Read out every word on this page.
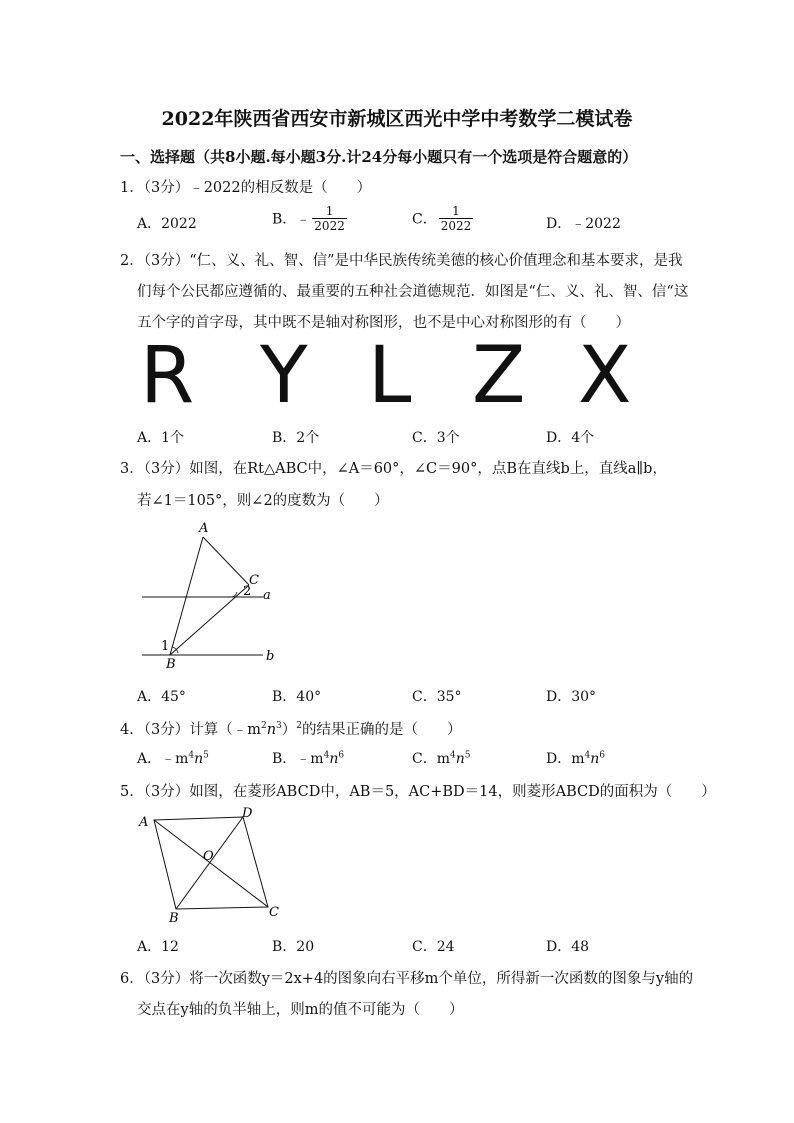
2022年陕西省西安市新城区西光中学中考数学二模试卷
一、选择题（共8小题.每小题3分.计24分每小题只有一个选项是符合题意的）
1．（3分）﹣2022的相反数是（　　）
A．2022	B．﹣ $\frac{1}{2022}$	C． $\frac{1}{2022}$	D．﹣2022
2．（3分）“仁、义、礼、智、信”是中华民族传统美德的核心价值理念和基本要求，是我
们每个公民都应遵循的、最重要的五种社会道德规范．如图是“仁、义、礼、智、信“这
五个字的首字母，其中既不是轴对称图形，也不是中心对称图形的有（　　）
R Y L Z X
A．1个	B．2个	C．3个	D．4个
3．（3分）如图，在Rt△ABC中，∠A＝60°，∠C＝90°，点B在直线b上，直线a∥b，
若∠1＝105°，则∠2的度数为（　　）
A
B
C
a
b
1
2
A．45°	B．40°	C．35°	D．30°
4．（3分）计算$(﹣m^2n^3)^2$的结果正确的是（　　）
A．$﹣m^4n^5$	B．$﹣m^4n^6$	C．$m^4n^5$	D．$m^4n^6$
5．（3分）如图，在菱形ABCD中，AB＝5，AC+BD＝14，则菱形ABCD的面积为（　　）
A
D
C
B
O
A．12	B．20	C．24	D．48
6．（3分）将一次函数y＝2x+4的图象向右平移m个单位，所得新一次函数的图象与y轴的
交点在y轴的负半轴上，则m的值不可能为（　　）
